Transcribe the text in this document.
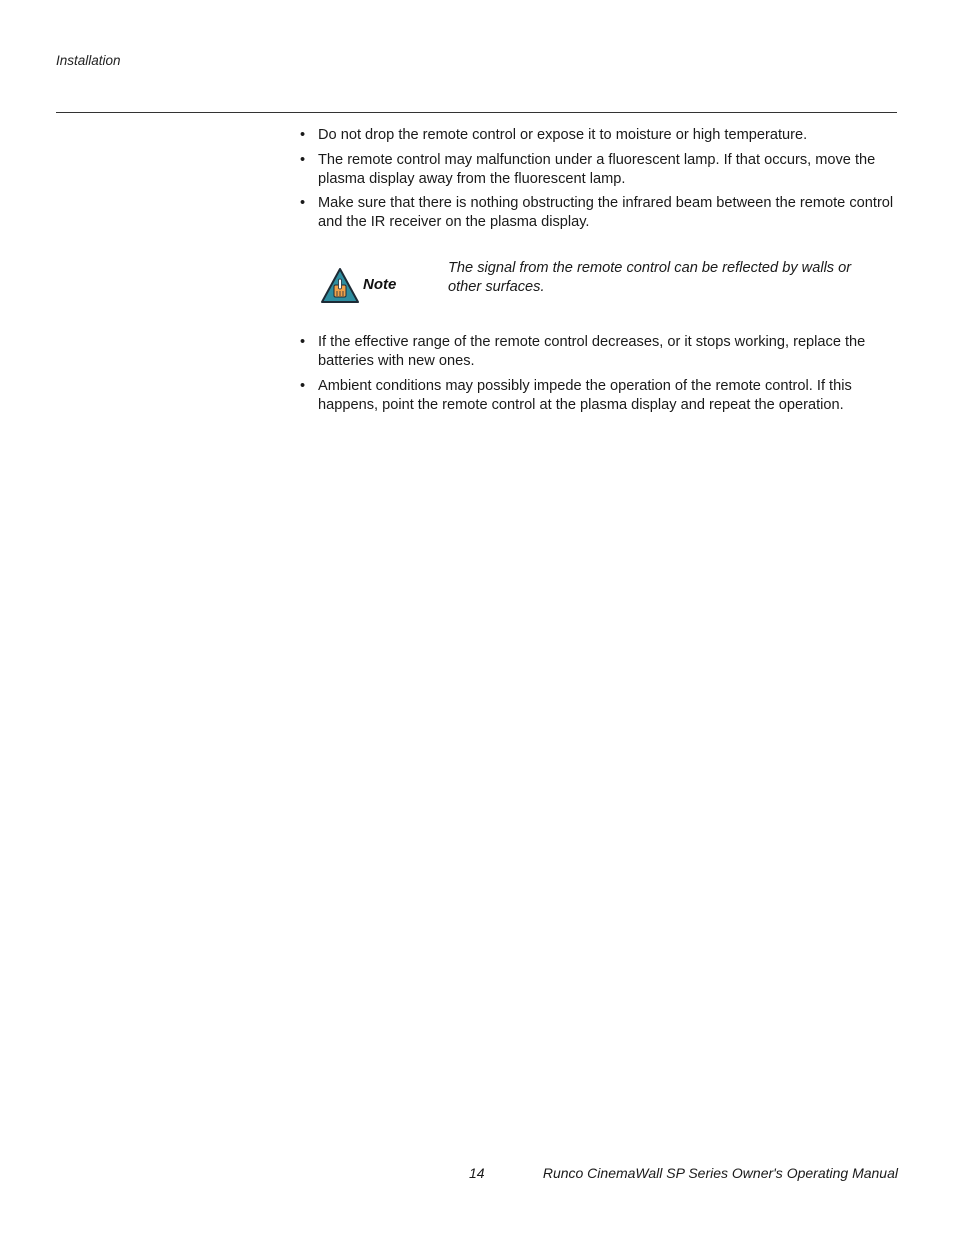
Installation
• Do not drop the remote control or expose it to moisture or high temperature.
• The remote control may malfunction under a fluorescent lamp. If that occurs, move the plasma display away from the fluorescent lamp.
• Make sure that there is nothing obstructing the infrared beam between the remote control and the IR receiver on the plasma display.
Note
The signal from the remote control can be reflected by walls or other surfaces.
• If the effective range of the remote control decreases, or it stops working, replace the batteries with new ones.
• Ambient conditions may possibly impede the operation of the remote control. If this happens, point the remote control at the plasma display and repeat the operation.
14	Runco CinemaWall SP Series Owner's Operating Manual
